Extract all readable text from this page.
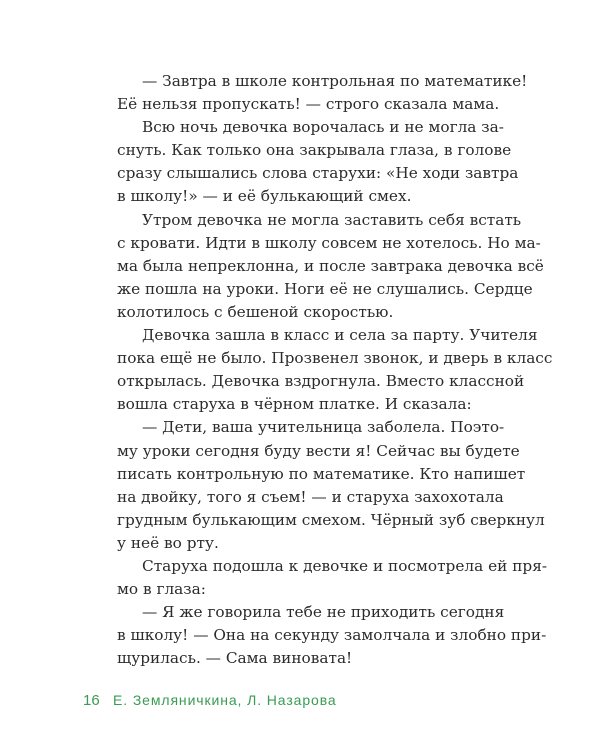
— Завтра в школе контрольная по математике!
Её нельзя пропускать! — строго сказала мама.

Всю ночь девочка ворочалась и не могла за-
снуть. Как только она закрывала глаза, в голове
сразу слышались слова старухи: «Не ходи завтра
в школу!» — и её булькающий смех.

Утром девочка не могла заставить себя встать
с кровати. Идти в школу совсем не хотелось. Но ма-
ма была непреклонна, и после завтрака девочка всё
же пошла на уроки. Ноги её не слушались. Сердце
колотилось с бешеной скоростью.

Девочка зашла в класс и села за парту. Учителя
пока ещё не было. Прозвенел звонок, и дверь в класс
открылась. Девочка вздрогнула. Вместо классной
вошла старуха в чёрном платке. И сказала:

— Дети, ваша учительница заболела. Поэто-
му уроки сегодня буду вести я! Сейчас вы будете
писать контрольную по математике. Кто напишет
на двойку, того я съем! — и старуха захохотала
грудным булькающим смехом. Чёрный зуб сверкнул
у неё во рту.

Старуха подошла к девочке и посмотрела ей пря-
мо в глаза:

— Я же говорила тебе не приходить сегодня
в школу! — Она на секунду замолчала и злобно при-
щурилась. — Сама виновата!

16 Е. Земляничкина, Л. Назарова
